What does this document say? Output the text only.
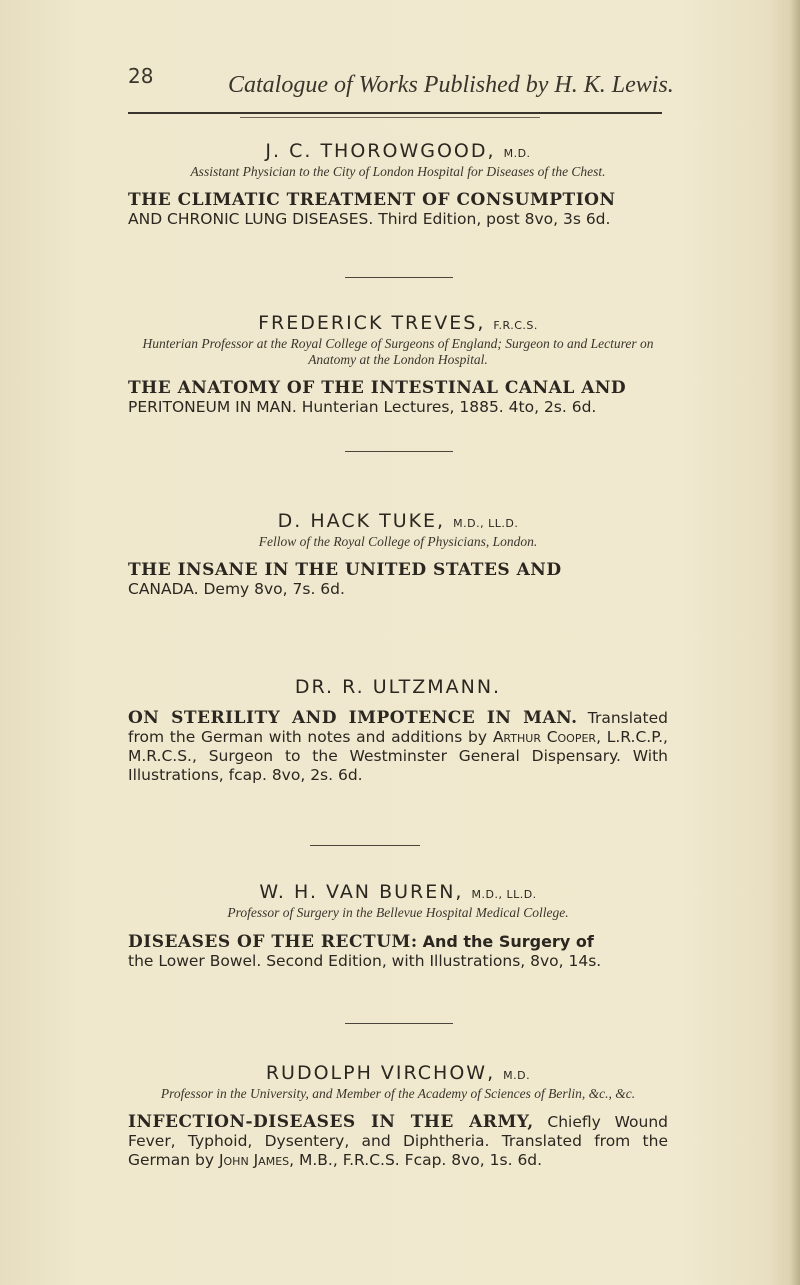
28	Catalogue of Works Published by H. K. Lewis.

J. C. THOROWGOOD, M.D.

Assistant Physician to the City of London Hospital for Diseases of the Chest.

THE CLIMATIC TREATMENT OF CONSUMPTION
AND CHRONIC LUNG DISEASES. Third Edition, post 8vo, 3s 6d.

FREDERICK TREVES, F.R.C.S.

Hunterian Professor at the Royal College of Surgeons of England; Surgeon to and Lecturer on Anatomy at the London Hospital.

THE ANATOMY OF THE INTESTINAL CANAL AND
PERITONEUM IN MAN. Hunterian Lectures, 1885. 4to, 2s. 6d.

D. HACK TUKE, M.D., LL.D.

Fellow of the Royal College of Physicians, London.

THE INSANE IN THE UNITED STATES AND
CANADA. Demy 8vo, 7s. 6d.

DR. R. ULTZMANN.

ON STERILITY AND IMPOTENCE IN MAN. Translated from the German with notes and additions by Arthur Cooper, L.R.C.P., M.R.C.S., Surgeon to the Westminster General Dispensary. With Illustrations, fcap. 8vo, 2s. 6d.

W. H. VAN BUREN, M.D., LL.D.

Professor of Surgery in the Bellevue Hospital Medical College.

DISEASES OF THE RECTUM: And the Surgery of
the Lower Bowel. Second Edition, with Illustrations, 8vo, 14s.

RUDOLPH VIRCHOW, M.D.

Professor in the University, and Member of the Academy of Sciences of Berlin, &c., &c.

INFECTION-DISEASES IN THE ARMY, Chiefly Wound Fever, Typhoid, Dysentery, and Diphtheria. Translated from the German by John James, M.B., F.R.C.S. Fcap. 8vo, 1s. 6d.
